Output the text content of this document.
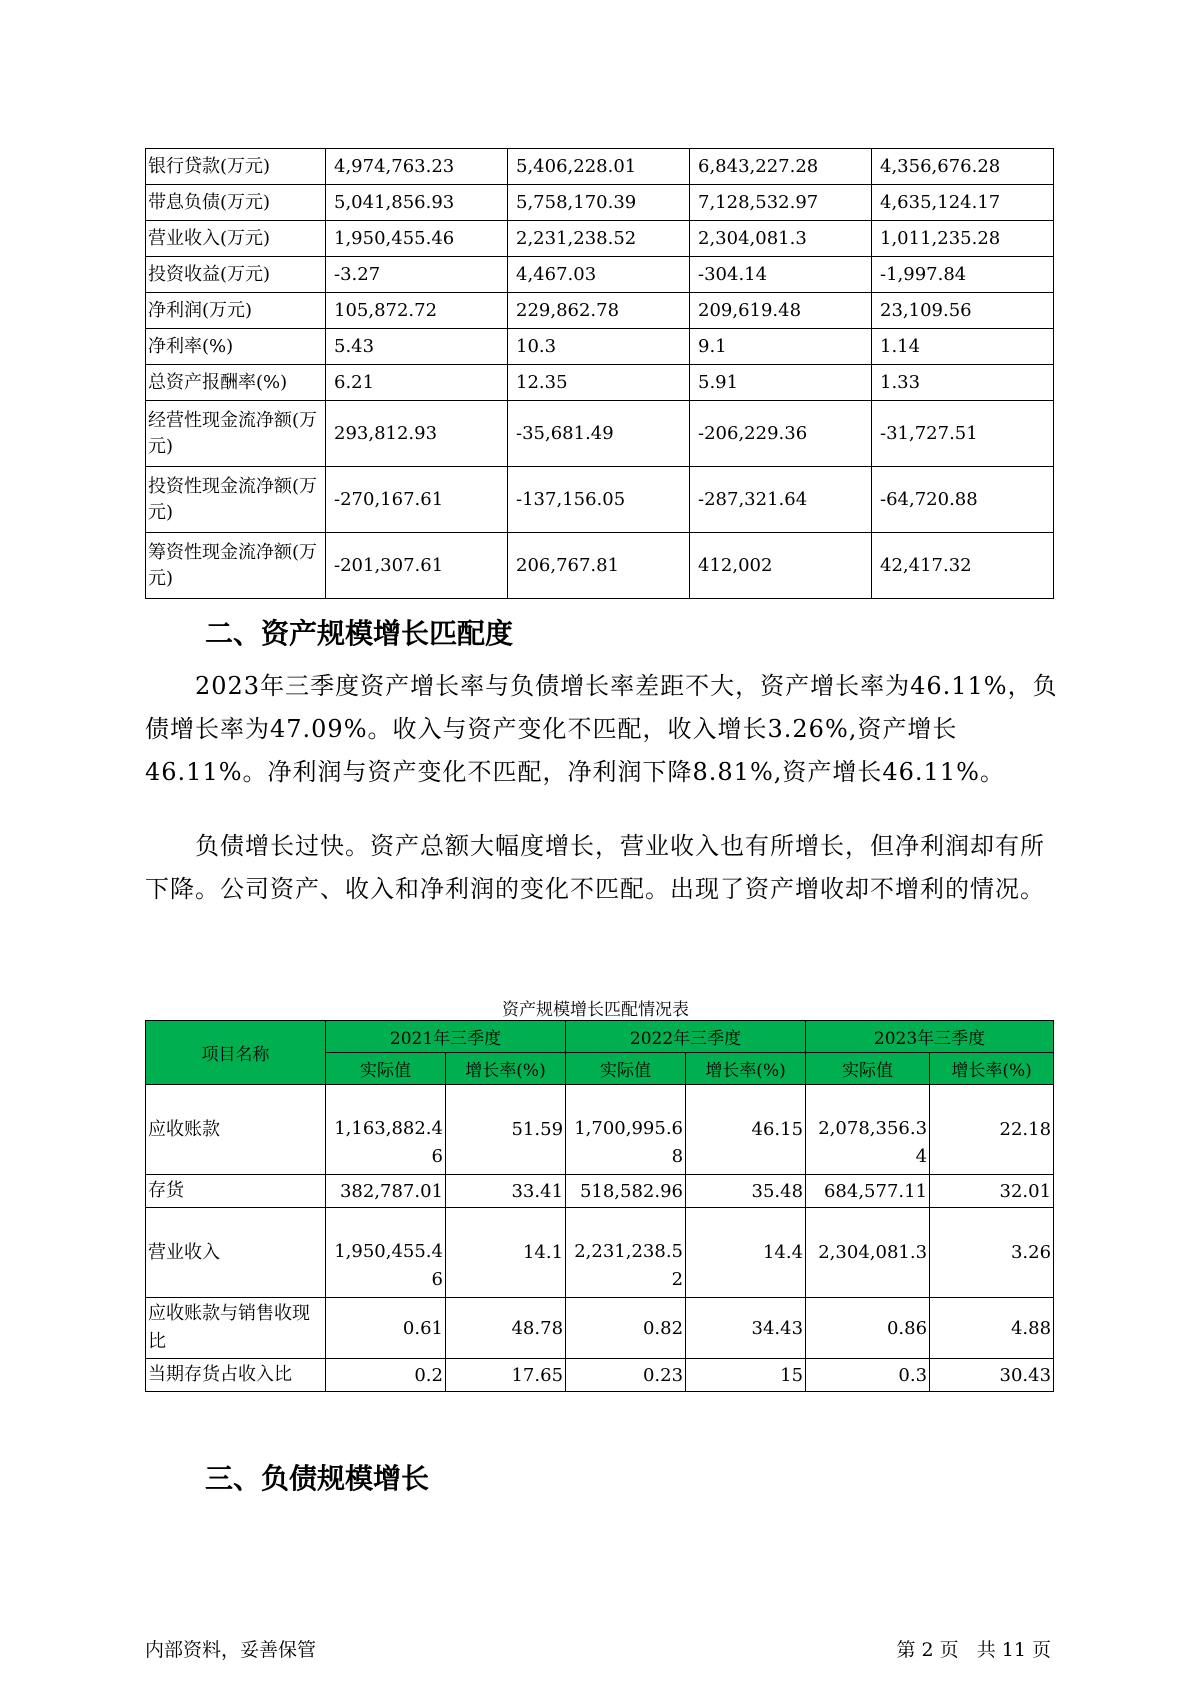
银行贷款(万元)	4,974,763.23	5,406,228.01	6,843,227.28	4,356,676.28
带息负债(万元)	5,041,856.93	5,758,170.39	7,128,532.97	4,635,124.17
营业收入(万元)	1,950,455.46	2,231,238.52	2,304,081.3	1,011,235.28
投资收益(万元)	-3.27	4,467.03	-304.14	-1,997.84
净利润(万元)	105,872.72	229,862.78	209,619.48	23,109.56
净利率(%)	5.43	10.3	9.1	1.14
总资产报酬率(%)	6.21	12.35	5.91	1.33
经营性现金流净额(万元)	293,812.93	-35,681.49	-206,229.36	-31,727.51
投资性现金流净额(万元)	-270,167.61	-137,156.05	-287,321.64	-64,720.88
筹资性现金流净额(万元)	-201,307.61	206,767.81	412,002	42,417.32
二、资产规模增长匹配度

2023年三季度资产增长率与负债增长率差距不大，资产增长率为46.11%，负债增长率为47.09%。收入与资产变化不匹配，收入增长3.26%,资产增长46.11%。净利润与资产变化不匹配，净利润下降8.81%,资产增长46.11%。

负债增长过快。资产总额大幅度增长，营业收入也有所增长，但净利润却有所下降。公司资产、收入和净利润的变化不匹配。出现了资产增收却不增利的情况。

资产规模增长匹配情况表
项目名称	2021年三季度		2022年三季度		2023年三季度	
	实际值	增长率(%)	实际值	增长率(%)	实际值	增长率(%)
应收账款	1,163,882.46	51.59	1,700,995.68	46.15	2,078,356.34	22.18
存货	382,787.01	33.41	518,582.96	35.48	684,577.11	32.01
营业收入	1,950,455.46	14.1	2,231,238.52	14.4	2,304,081.3	3.26
应收账款与销售收现比	0.61	48.78	0.82	34.43	0.86	4.88
当期存货占收入比	0.2	17.65	0.23	15	0.3	30.43
三、负债规模增长
内部资料，妥善保管	第 2 页   共 11 页
